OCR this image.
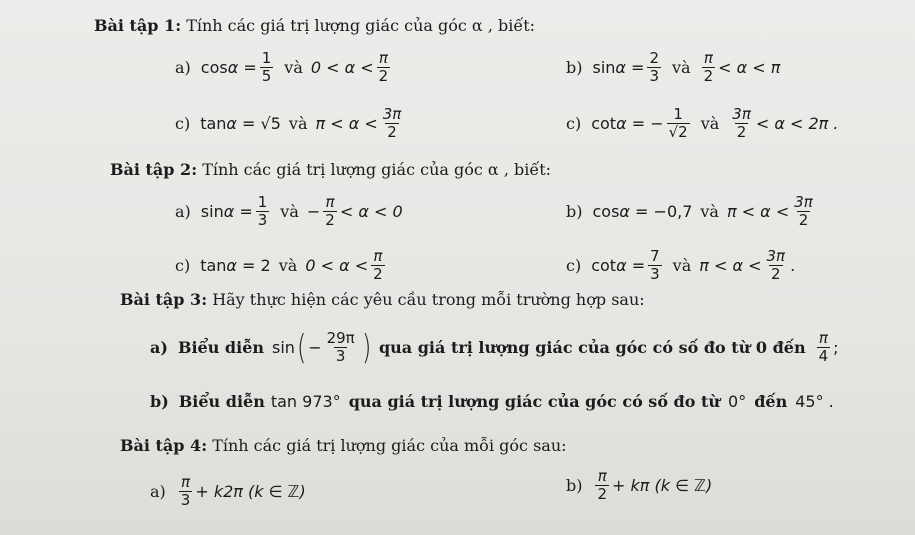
Bài tập 1: Tính các giá trị lượng giác của góc α , biết:
a) $\cos \alpha = \frac{1}{5}$ và $0 < \alpha < \frac{\pi}{2}$	b) $\sin \alpha = \frac{2}{3}$ và $\frac{\pi}{2} < \alpha < \pi$
c) tan α = √5 và $\pi < \alpha < \frac{3\pi}{2}$	c) cot α = − $\frac{1}{√2}$ và $\frac{3\pi}{2} < \alpha < 2\pi$ .
Bài tập 2: Tính các giá trị lượng giác của góc α , biết:
a) $\sin \alpha = \frac{1}{3}$ và − $\frac{\pi}{2} < \alpha < 0$	b) cos α = −0,7 và $\pi < \alpha < \frac{3\pi}{2}$
c) tan α = 2 và $0 < \alpha < \frac{\pi}{2}$	c) $\cot \alpha = \frac{7}{3}$ và $\pi < \alpha < \frac{3\pi}{2}$ .
Bài tập 3: Hãy thực hiện các yêu cầu trong mỗi trường hợp sau:
a) Biểu diễn sin ( − $\frac{29\pi}{3}$ ) qua giá trị lượng giác của góc có số đo từ 0 đến $\frac{\pi}{4}$ ;
b) Biểu diễn tan
973° qua giá trị lượng giác của góc có số đo từ 0° đến 45°
.
Bài tập 4: Tính các giá trị lượng giác của mỗi góc sau:
$a) \frac{\pi}{3} + k2\pi$ (k ∈ ℤ)	$b) \frac{\pi}{2} + k\pi$ (k ∈ ℤ)
